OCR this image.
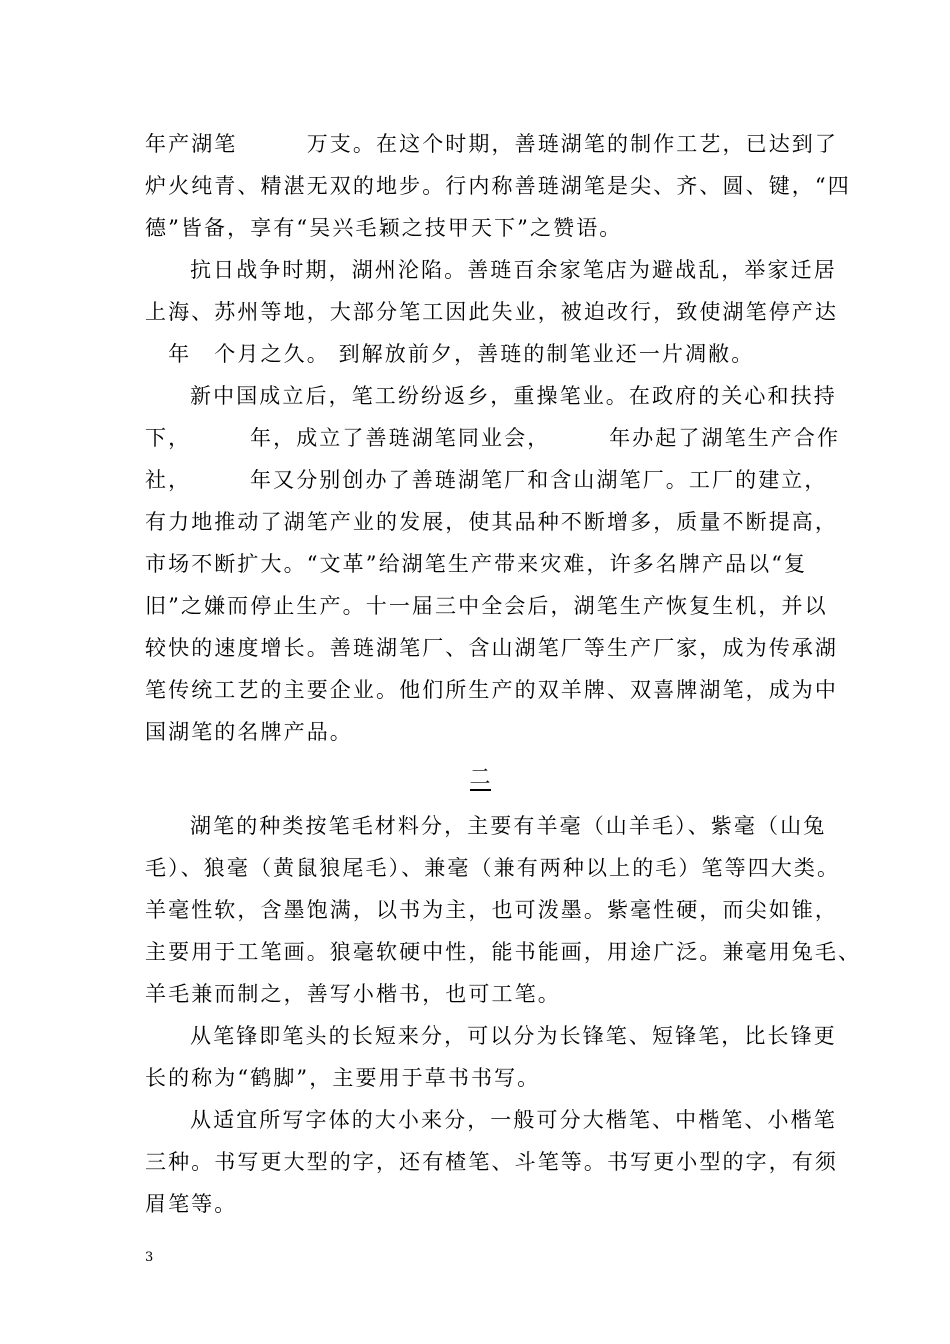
年产湖笔　　　万支。在这个时期，善琏湖笔的制作工艺，已达到了
炉火纯青、精湛无双的地步。行内称善琏湖笔是尖、齐、圆、键，“四
德”皆备，享有“吴兴毛颖之技甲天下”之赞语。
抗日战争时期，湖州沦陷。善琏百余家笔店为避战乱，举家迁居
上海、苏州等地，大部分笔工因此失业，被迫改行，致使湖笔停产达
　年　个月之久。 到解放前夕，善琏的制笔业还一片凋敝。
新中国成立后，笔工纷纷返乡，重操笔业。在政府的关心和扶持
下，　　　年，成立了善琏湖笔同业会，　　　年办起了湖笔生产合作
社，　　　年又分别创办了善琏湖笔厂和含山湖笔厂。工厂的建立，
有力地推动了湖笔产业的发展，使其品种不断增多，质量不断提高，
市场不断扩大。“文革”给湖笔生产带来灾难，许多名牌产品以“复
旧”之嫌而停止生产。十一届三中全会后，湖笔生产恢复生机，并以
较快的速度增长。善琏湖笔厂、含山湖笔厂等生产厂家，成为传承湖
笔传统工艺的主要企业。他们所生产的双羊牌、双喜牌湖笔，成为中
国湖笔的名牌产品。
二
湖笔的种类按笔毛材料分，主要有羊毫（山羊毛）、紫毫（山兔
毛）、狼毫（黄鼠狼尾毛）、兼毫（兼有两种以上的毛）笔等四大类。
羊毫性软，含墨饱满，以书为主，也可泼墨。紫毫性硬，而尖如锥，
主要用于工笔画。狼毫软硬中性，能书能画，用途广泛。兼毫用兔毛、
羊毛兼而制之，善写小楷书，也可工笔。
从笔锋即笔头的长短来分，可以分为长锋笔、短锋笔，比长锋更
长的称为“鹤脚”，主要用于草书书写。
从适宜所写字体的大小来分，一般可分大楷笔、中楷笔、小楷笔
三种。书写更大型的字，还有楂笔、斗笔等。书写更小型的字，有须
眉笔等。
3
